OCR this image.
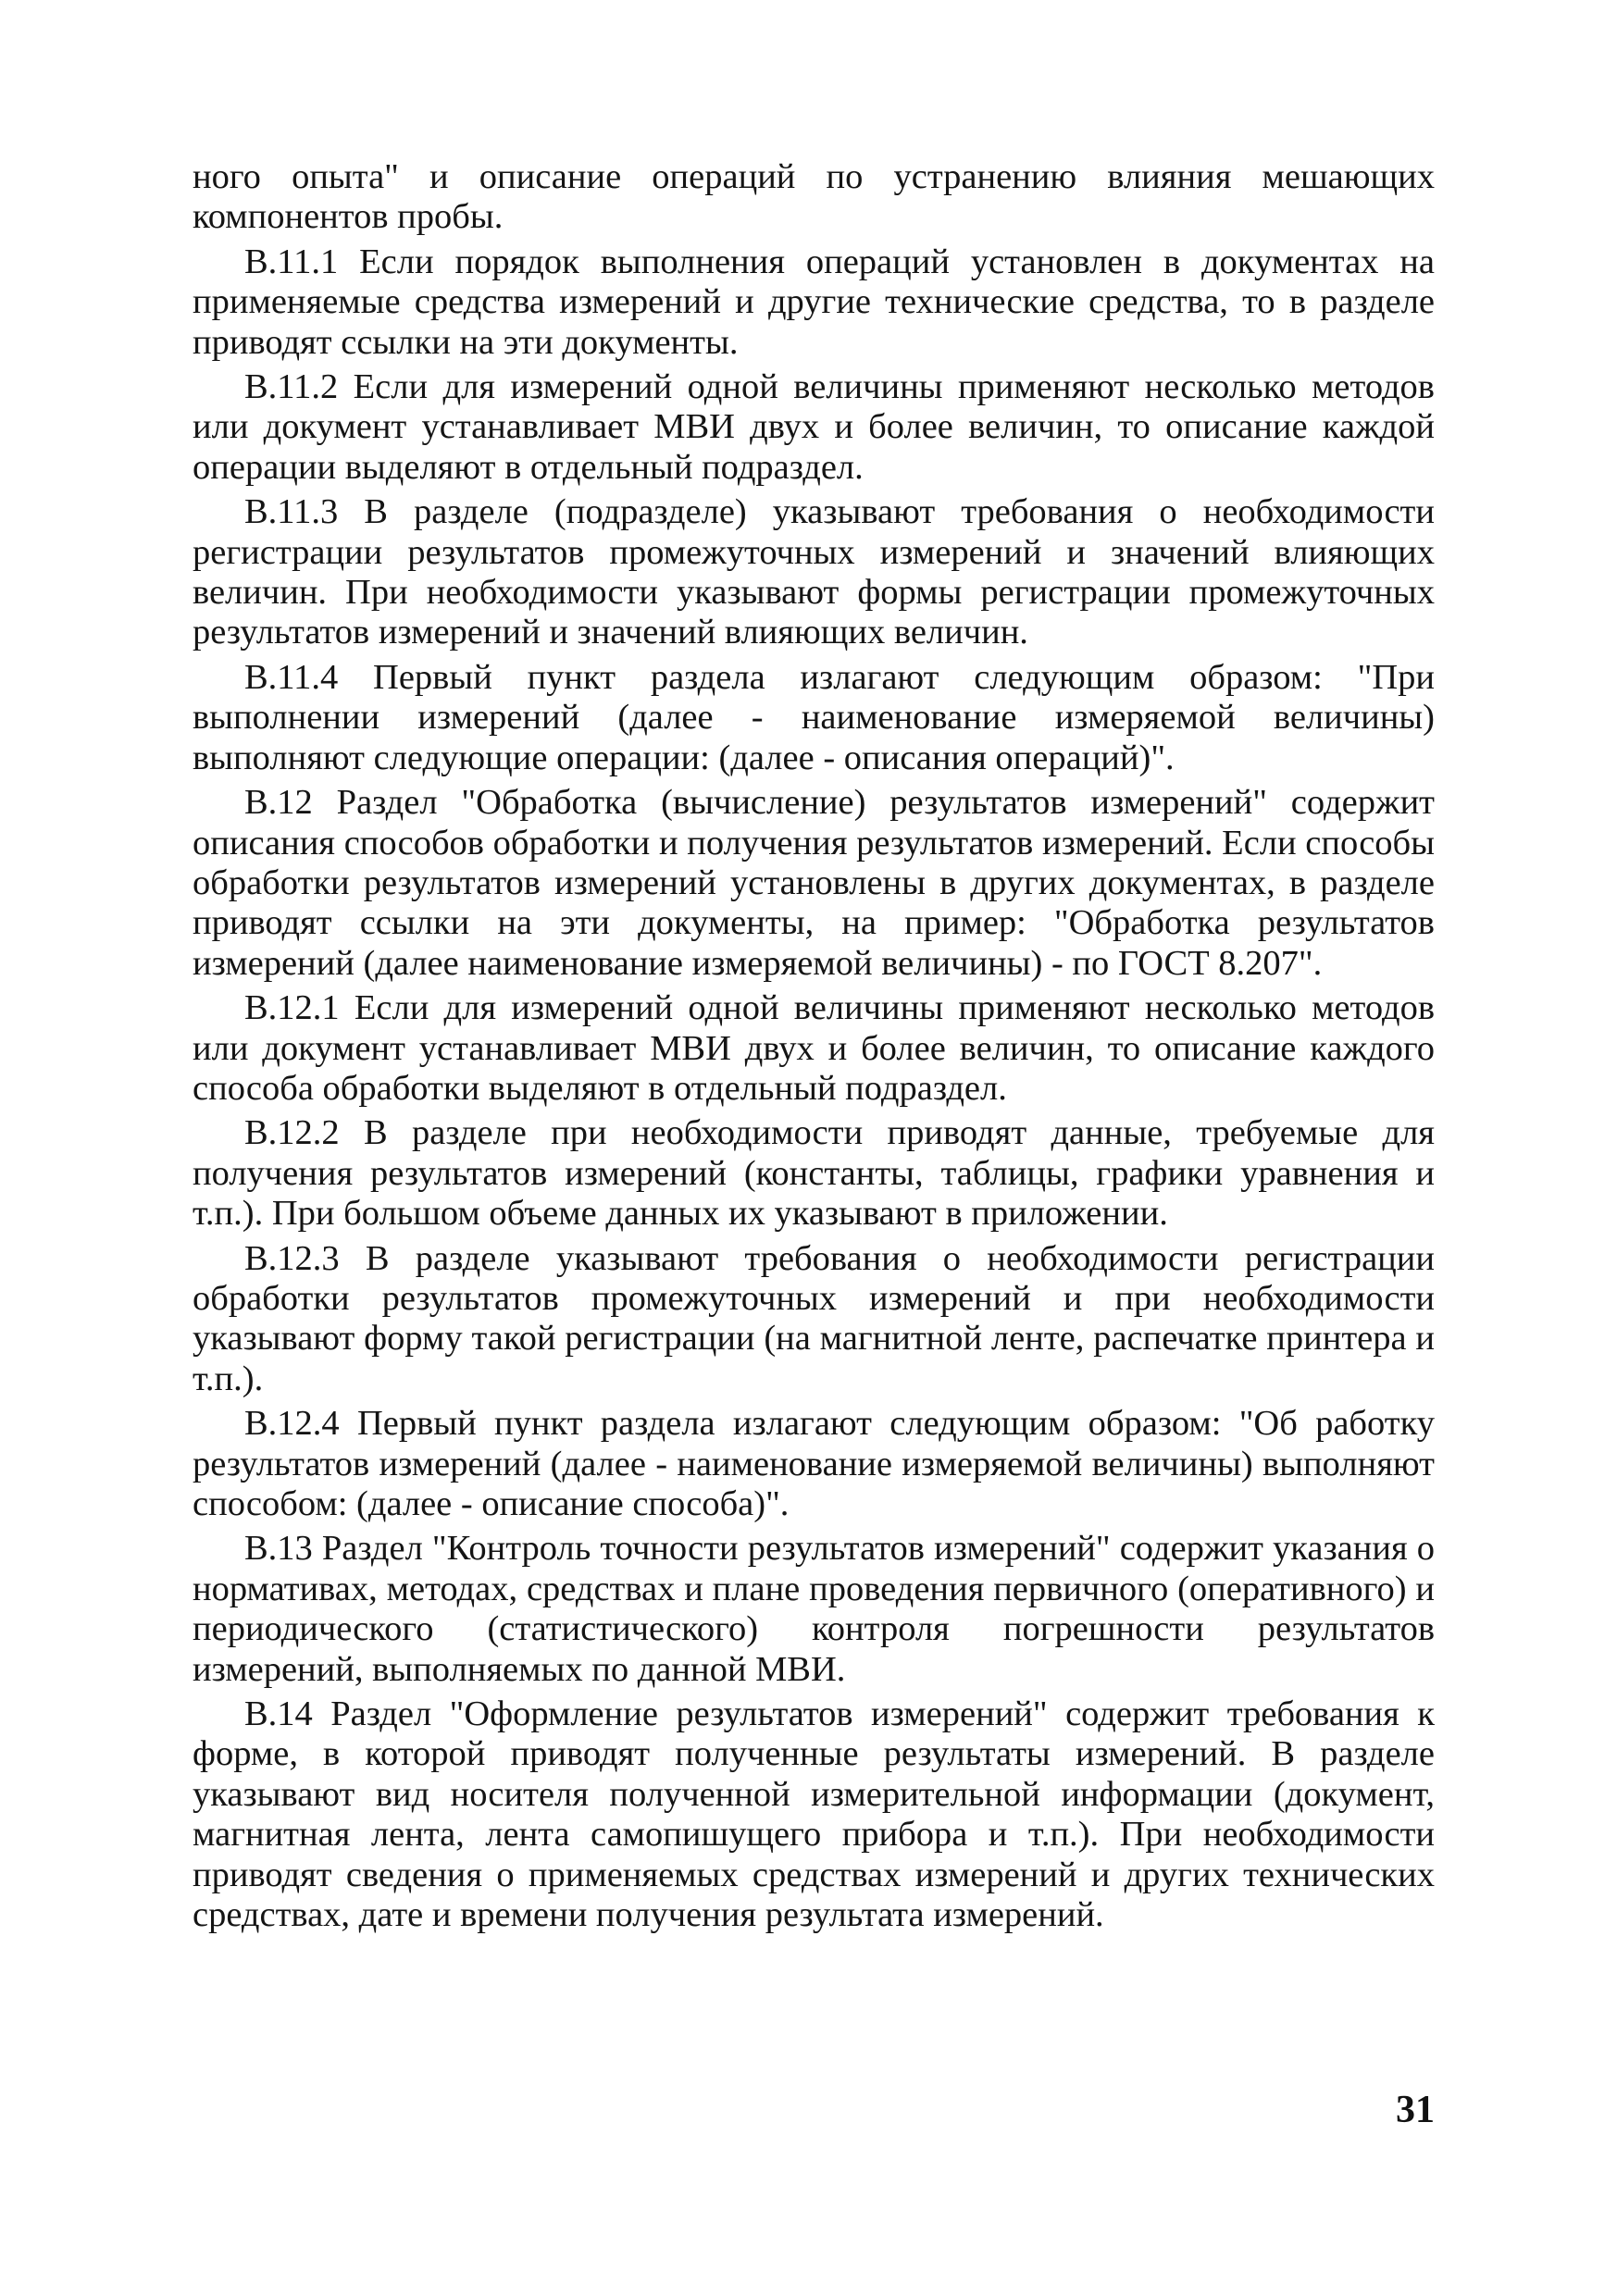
ного опыта" и описание операций по устранению влияния мешающих компонентов пробы.

В.11.1 Если порядок выполнения операций установлен в документах на применяемые средства измерений и другие технические средства, то в разделе приводят ссылки на эти документы.

В.11.2 Если для измерений одной величины применяют несколько методов или документ устанавливает МВИ двух и более величин, то описание каждой операции выделяют в отдельный подраздел.

В.11.3 В разделе (подразделе) указывают требования о необходимости регистрации результатов промежуточных измерений и значений влияющих величин. При необходимости указывают формы регистрации промежуточных результатов измерений и значений влияющих величин.

В.11.4 Первый пункт раздела излагают следующим образом: "При выполнении измерений (далее - наименование измеряемой величины) выполняют следующие операции: (далее - описания операций)".

В.12 Раздел "Обработка (вычисление) результатов измерений" содержит описания способов обработки и получения результатов измерений. Если способы обработки результатов измерений установлены в других документах, в разделе приводят ссылки на эти документы, на пример: "Обработка результатов измерений (далее наименование измеряемой величины) - по ГОСТ 8.207".

В.12.1 Если для измерений одной величины применяют несколько методов или документ устанавливает МВИ двух и более величин, то описание каждого способа обработки выделяют в отдельный подраздел.

В.12.2 В разделе при необходимости приводят данные, требуемые для получения результатов измерений (константы, таблицы, графики уравнения и т.п.). При большом объеме данных их указывают в приложении.

В.12.3 В разделе указывают требования о необходимости регистрации обработки результатов промежуточных измерений и при необходимости указывают форму такой регистрации (на магнитной ленте, распечатке принтера и т.п.).

В.12.4 Первый пункт раздела излагают следующим образом: "Об работку результатов измерений (далее - наименование измеряемой величины) выполняют способом: (далее - описание способа)".

В.13 Раздел "Контроль точности результатов измерений" содержит указания о нормативах, методах, средствах и плане проведения первичного (оперативного) и периодического (статистического) контроля погрешности результатов измерений, выполняемых по данной МВИ.

В.14 Раздел "Оформление результатов измерений" содержит требования к форме, в которой приводят полученные результаты измерений. В разделе указывают вид носителя полученной измерительной информации (документ, магнитная лента, лента самопишущего прибора и т.п.). При необходимости приводят сведения о применяемых средствах измерений и других технических средствах, дате и времени получения результата измерений.

31
